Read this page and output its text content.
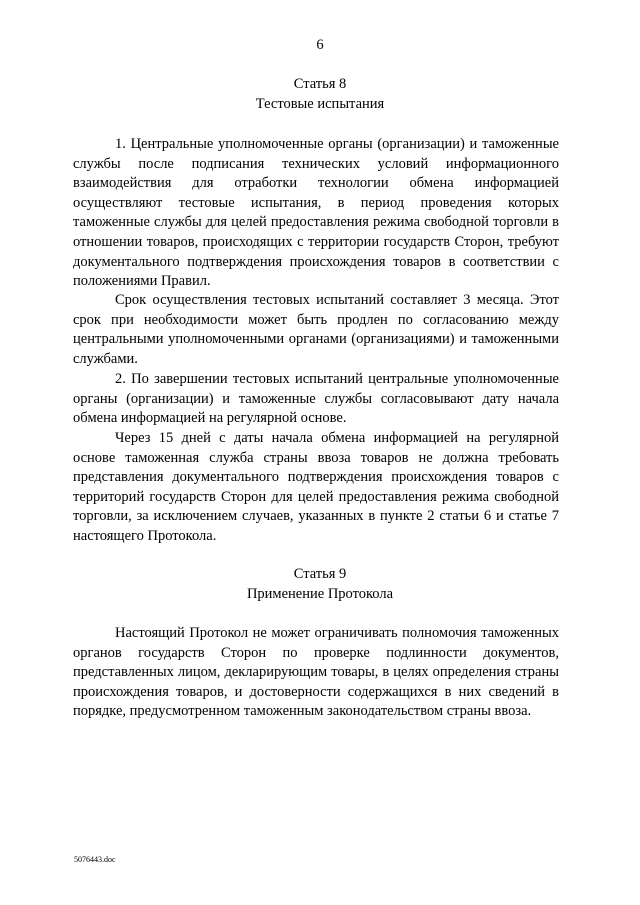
6
Статья 8
Тестовые испытания

1. Центральные уполномоченные органы (организации) и таможенные службы после подписания технических условий информационного взаимодействия для отработки технологии обмена информацией осуществляют тестовые испытания, в период проведения которых таможенные службы для целей предоставления режима свободной торговли в отношении товаров, происходящих с территории государств Сторон, требуют документального подтверждения происхождения товаров в соответствии с положениями Правил.

Срок осуществления тестовых испытаний составляет 3 месяца. Этот срок при необходимости может быть продлен по согласованию между центральными уполномоченными органами (организациями) и таможенными службами.

2. По завершении тестовых испытаний центральные уполномоченные органы (организации) и таможенные службы согласовывают дату начала обмена информацией на регулярной основе.

Через 15 дней с даты начала обмена информацией на регулярной основе таможенная служба страны ввоза товаров не должна требовать представления документального подтверждения происхождения товаров с территорий государств Сторон для целей предоставления режима свободной торговли, за исключением случаев, указанных в пункте 2 статьи 6 и статье 7 настоящего Протокола.

Статья 9
Применение Протокола

Настоящий Протокол не может ограничивать полномочия таможенных органов государств Сторон по проверке подлинности документов, представленных лицом, декларирующим товары, в целях определения страны происхождения товаров, и достоверности содержащихся в них сведений в порядке, предусмотренном таможенным законодательством страны ввоза.

5076443.doc
